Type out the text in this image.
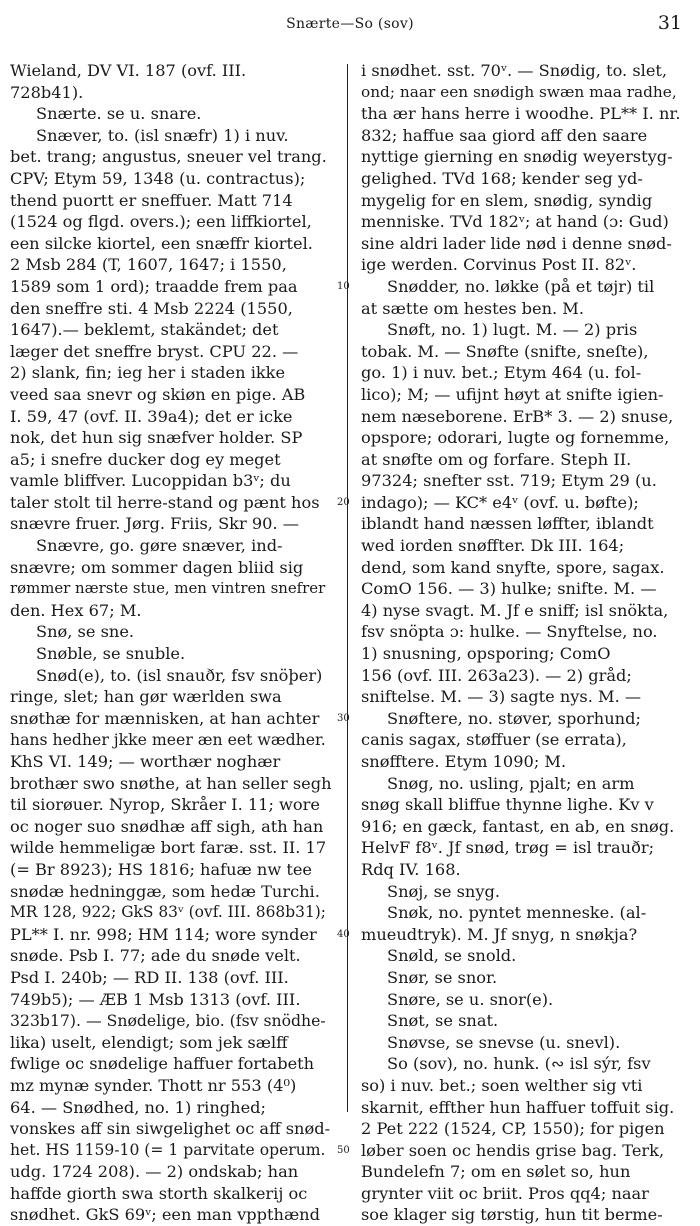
Snærte—So (sov)	31
Wieland, DV VI. 187 (ovf. III.
728b41).
Snærte. se u. snare.
Snæver, to. (isl snæfr) 1) i nuv.
bet. trang; angustus, sneuer vel trang.
CPV; Etym 59, 1348 (u. contractus);
thend puortt er sneffuer. Matt 714
(1524 og flgd. overs.); een liffkiortel,
een silcke kiortel, een snæffr kiortel.
2 Msb 284 (T, 1607, 1647; i 1550,
1589 som 1 ord); traadde frem paa
den sneffre sti. 4 Msb 2224 (1550,
1647).— beklemt, stakändet; det
læger det sneffre bryst. CPU 22. —
2) slank, fin; ieg her i staden ikke
veed saa snevr og skiøn en pige. AB
I. 59, 47 (ovf. II. 39a4); det er icke
nok, det hun sig snæfver holder. SP
a5; i snefre ducker dog ey meget
vamle bliffver. Lucoppidan b3ᵛ; du
taler stolt til herre-stand og pænt hos
snævre fruer. Jørg. Friis, Skr 90. —
Snævre, go. gøre snæver, ind-
snævre; om sommer dagen bliid sig
rømmer nærste stue, men vintren snefrer
den. Hex 67; M.
Snø, se sne.
Snøble, se snuble.
Snød(e), to. (isl snauðr, fsv snöþer)
ringe, slet; han gør wærlden swa
snøthæ for mænnisken, at han achter
hans hedher jkke meer æn eet wædher.
KhS VI. 149; — worthær noghær
brothær swo snøthe, at han seller segh
til siorøuer. Nyrop, Skråer I. 11; wore
oc noger suo snødhæ aff sigh, ath han
wilde hemmeligæ bort faræ. sst. II. 17
(= Br 8923); HS 1816; hafuæ nw tee
snødæ hedninggæ, som hedæ Turchi.
MR 128, 922; GkS 83ᵛ (ovf. III. 868b31);
PL** I. nr. 998; HM 114; wore synder
snøde. Psb I. 77; ade du snøde velt.
Psd I. 240b; — RD II. 138 (ovf. III.
749b5); — ÆB 1 Msb 1313 (ovf. III.
323b17). — Snødelige, bio. (fsv snödhe-
lika) uselt, elendigt; som jek sælff
fwlige oc snødelige haffuer fortabeth
mz mynæ synder. Thott nr 553 (4⁰)
64. — Snødhed, no. 1) ringhed;
vonskes aff sin siwgelighet oc aff snød-
het. HS 1159-10 (= 1 parvitate operum.
udg. 1724 208). — 2) ondskab; han
haffde giorth swa storth skalkerij oc
snødhet. GkS 69ᵛ; een man vppthænd
10
20
30
40
50
i snødhet. sst. 70ᵛ. — Snødig, to. slet,
ond; naar een snødigh swæn maa radhe,
tha ær hans herre i woodhe. PL** I. nr.
832; haffue saa giord aff den saare
nyttige gierning en snødig weyerstyg-
gelighed. TVd 168; kender seg yd-
mygelig for en slem, snødig, syndig
menniske. TVd 182ᵛ; at hand (ɔ: Gud)
sine aldri lader lide nød i denne snød-
ige werden. Corvinus Post II. 82ᵛ.
Snødder, no. løkke (på et tøjr) til
at sætte om hestes ben. M.
Snøft, no. 1) lugt. M. — 2) pris
tobak. M. — Snøfte (snifte, sneſte),
go. 1) i nuv. bet.; Etym 464 (u. fol-
lico); M; — ufijnt høyt at snifte igien-
nem næseborene. ErB* 3. — 2) snuse,
opspore; odorari, lugte og fornemme,
at snøfte om og forfare. Steph II.
97324; snefter sst. 719; Etym 29 (u.
indago); — KC* e4ᵛ (ovf. u. bøfte);
iblandt hand næssen løffter, iblandt
wed iorden snøffter. Dk III. 164;
dend, som kand snyfte, spore, sagax.
ComO 156. — 3) hulke; snifte. M. —
4) nyse svagt. M. Jf e sniff; isl snökta,
fsv snöpta ɔ: hulke. — Snyftelse, no.
1) snusning, opsporing; ComO
156 (ovf. III. 263a23). — 2) gråd;
sniftelse. M. — 3) sagte nys. M. —
Snøftere, no. støver, sporhund;
canis sagax, støffuer (se errata),
snøfftere. Etym 1090; M.
Snøg, no. usling, pjalt; en arm
snøg skall bliffue thynne lighe. Kv v
916; en gæck, fantast, en ab, en snøg.
HelvF f8ᵛ. Jf snød, trøg = isl trauðr;
Rdq IV. 168.
Snøj, se snyg.
Snøk, no. pyntet menneske. (al-
mueudtryk). M. Jf snyg, n snøkja?
Snøld, se snold.
Snør, se snor.
Snøre, se u. snor(e).
Snøt, se snat.
Snøvse, se snevse (u. snevl).
So (sov), no. hunk. (∾ isl sýr, fsv
so) i nuv. bet.; soen welther sig vti
skarnit, effther hun haffuer toffuit sig.
2 Pet 222 (1524, CP, 1550); for pigen
løber soen oc hendis grise bag. Terk,
Bundelefn 7; om en sølet so, hun
grynter viit oc briit. Pros qq4; naar
soe klager sig tørstig, hun tit berme-
